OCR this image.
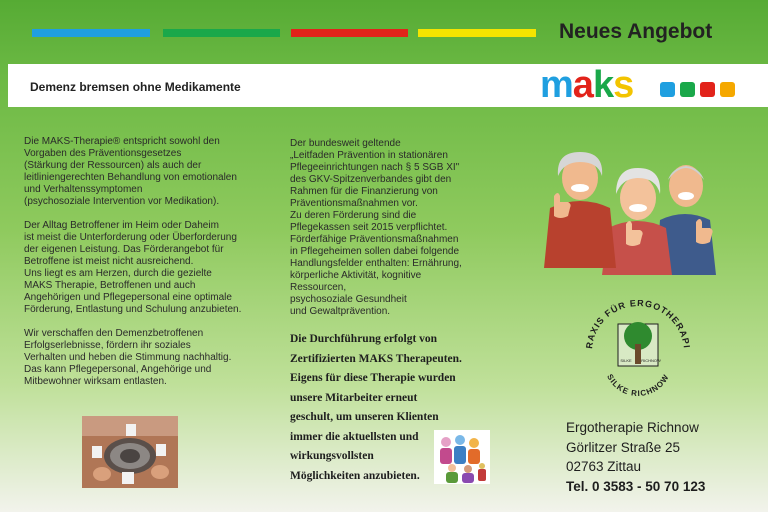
Neues Angebot
Demenz bremsen ohne Medikamente	maks

Die MAKS-Therapie® entspricht sowohl den
Vorgaben des Präventionsgesetzes
(Stärkung der Ressourcen) als auch der
leitliniengerechten Behandlung von emotionalen
und Verhaltenssymptomen
(psychosoziale Intervention vor Medikation).

Der Alltag Betroffener im Heim oder Daheim
ist meist die Unterforderung oder Überforderung
der eigenen Leistung. Das Förderangebot für
Betroffene ist meist nicht ausreichend.
Uns liegt es am Herzen, durch die gezielte
MAKS Therapie, Betroffenen und auch
Angehörigen und Pflegepersonal eine optimale
Förderung, Entlastung und Schulung anzubieten.

Wir verschaffen den Demenzbetroffenen
Erfolgserlebnisse, fördern ihr soziales
Verhalten und heben die Stimmung nachhaltig.
Das kann Pflegepersonal, Angehörige und
Mitbewohner wirksam entlasten.

Der bundesweit geltende
„Leitfaden Prävention in stationären
Pflegeeinrichtungen nach § 5 SGB XI"
des GKV-Spitzenverbandes gibt den
Rahmen für die Finanzierung von
Präventionsmaßnahmen vor.
Zu deren Förderung sind die
Pflegekassen seit 2015 verpflichtet.
Förderfähige Präventionsmaßnahmen
in Pflegeheimen sollen dabei folgende
Handlungsfelder enthalten: Ernährung,
körperliche Aktivität, kognitive
Ressourcen,
psychosoziale Gesundheit
und Gewaltprävention.
Die Durchführung erfolgt von
Zertifizierten MAKS Therapeuten.
Eigens für diese Therapie wurden
unsere Mitarbeiter erneut
geschult, um unseren Klienten
immer die aktuellsten und
wirkungsvollsten
Möglichkeiten anzubieten.
RAXIS FÜR ERGOTHERAPI
SILKE RICHNOW
SILKE RICHNOW
Ergotherapie Richnow
Görlitzer Straße 25
02763 Zittau
Tel. 0 3583 - 50 70 123
